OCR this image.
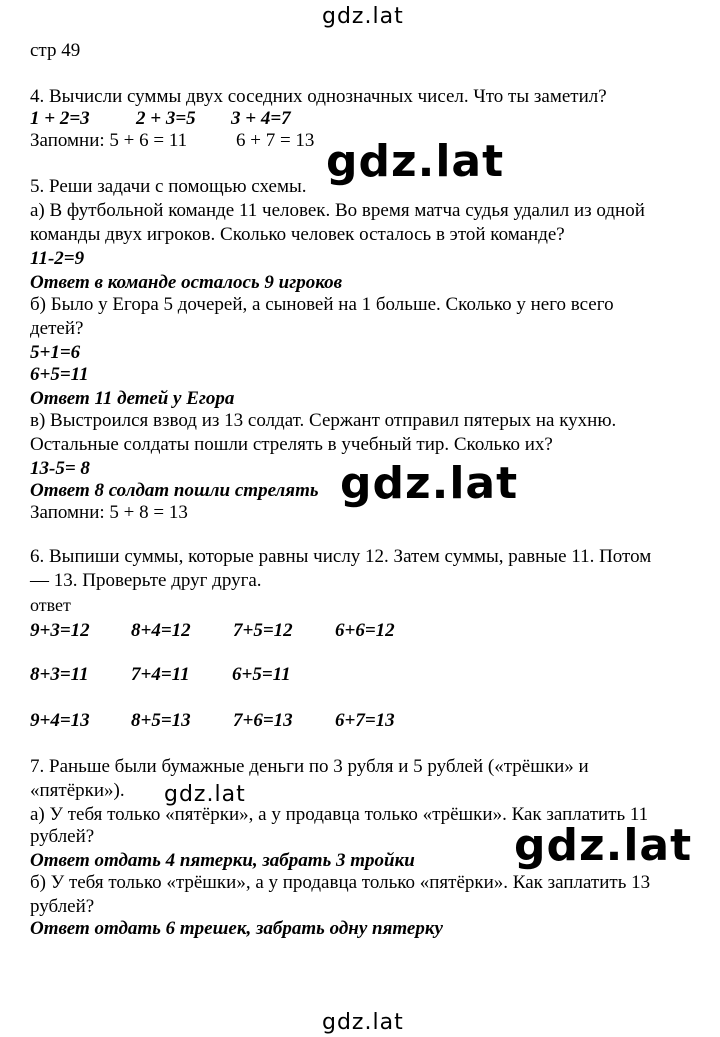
gdz.lat
gdz.lat
gdz.lat
gdz.lat
gdz.lat
gdz.lat
стр 49
4. Вычисли суммы двух соседних однозначных чисел. Что ты заметил?
1 + 2=3 2 + 3=5 3 + 4=7
Запомни: 5 + 6 = 11	6 + 7 = 13
5. Реши задачи с помощью схемы.
а) В футбольной команде 11 человек. Во время матча судья удалил из одной
команды двух игроков. Сколько человек осталось в этой команде?
11-2=9
Ответ в команде осталось 9 игроков
б) Было у Егора 5 дочерей, а сыновей на 1 больше. Сколько у него всего
детей?
5+1=6
6+5=11
Ответ 11 детей у Егора
в) Выстроился взвод из 13 солдат. Сержант отправил пятерых на кухню.
Остальные солдаты пошли стрелять в учебный тир. Сколько их?
13-5= 8
Ответ 8 солдат пошли стрелять
Запомни: 5 + 8 = 13
6. Выпиши суммы, которые равны числу 12. Затем суммы, равные 11. Потом
— 13. Проверьте друг друга.
ответ
9+3=12 8+4=12 7+5=12 6+6=12
8+3=11 7+4=11 6+5=11
9+4=13 8+5=13 7+6=13 6+7=13
7. Раньше были бумажные деньги по 3 рубля и 5 рублей («трёшки» и
«пятёрки»).
а) У тебя только «пятёрки», а у продавца только «трёшки». Как заплатить 11
рублей?
Ответ отдать 4 пятерки, забрать 3 тройки
б) У тебя только «трёшки», а у продавца только «пятёрки». Как заплатить 13
рублей?
Ответ отдать 6 трешек, забрать одну пятерку
